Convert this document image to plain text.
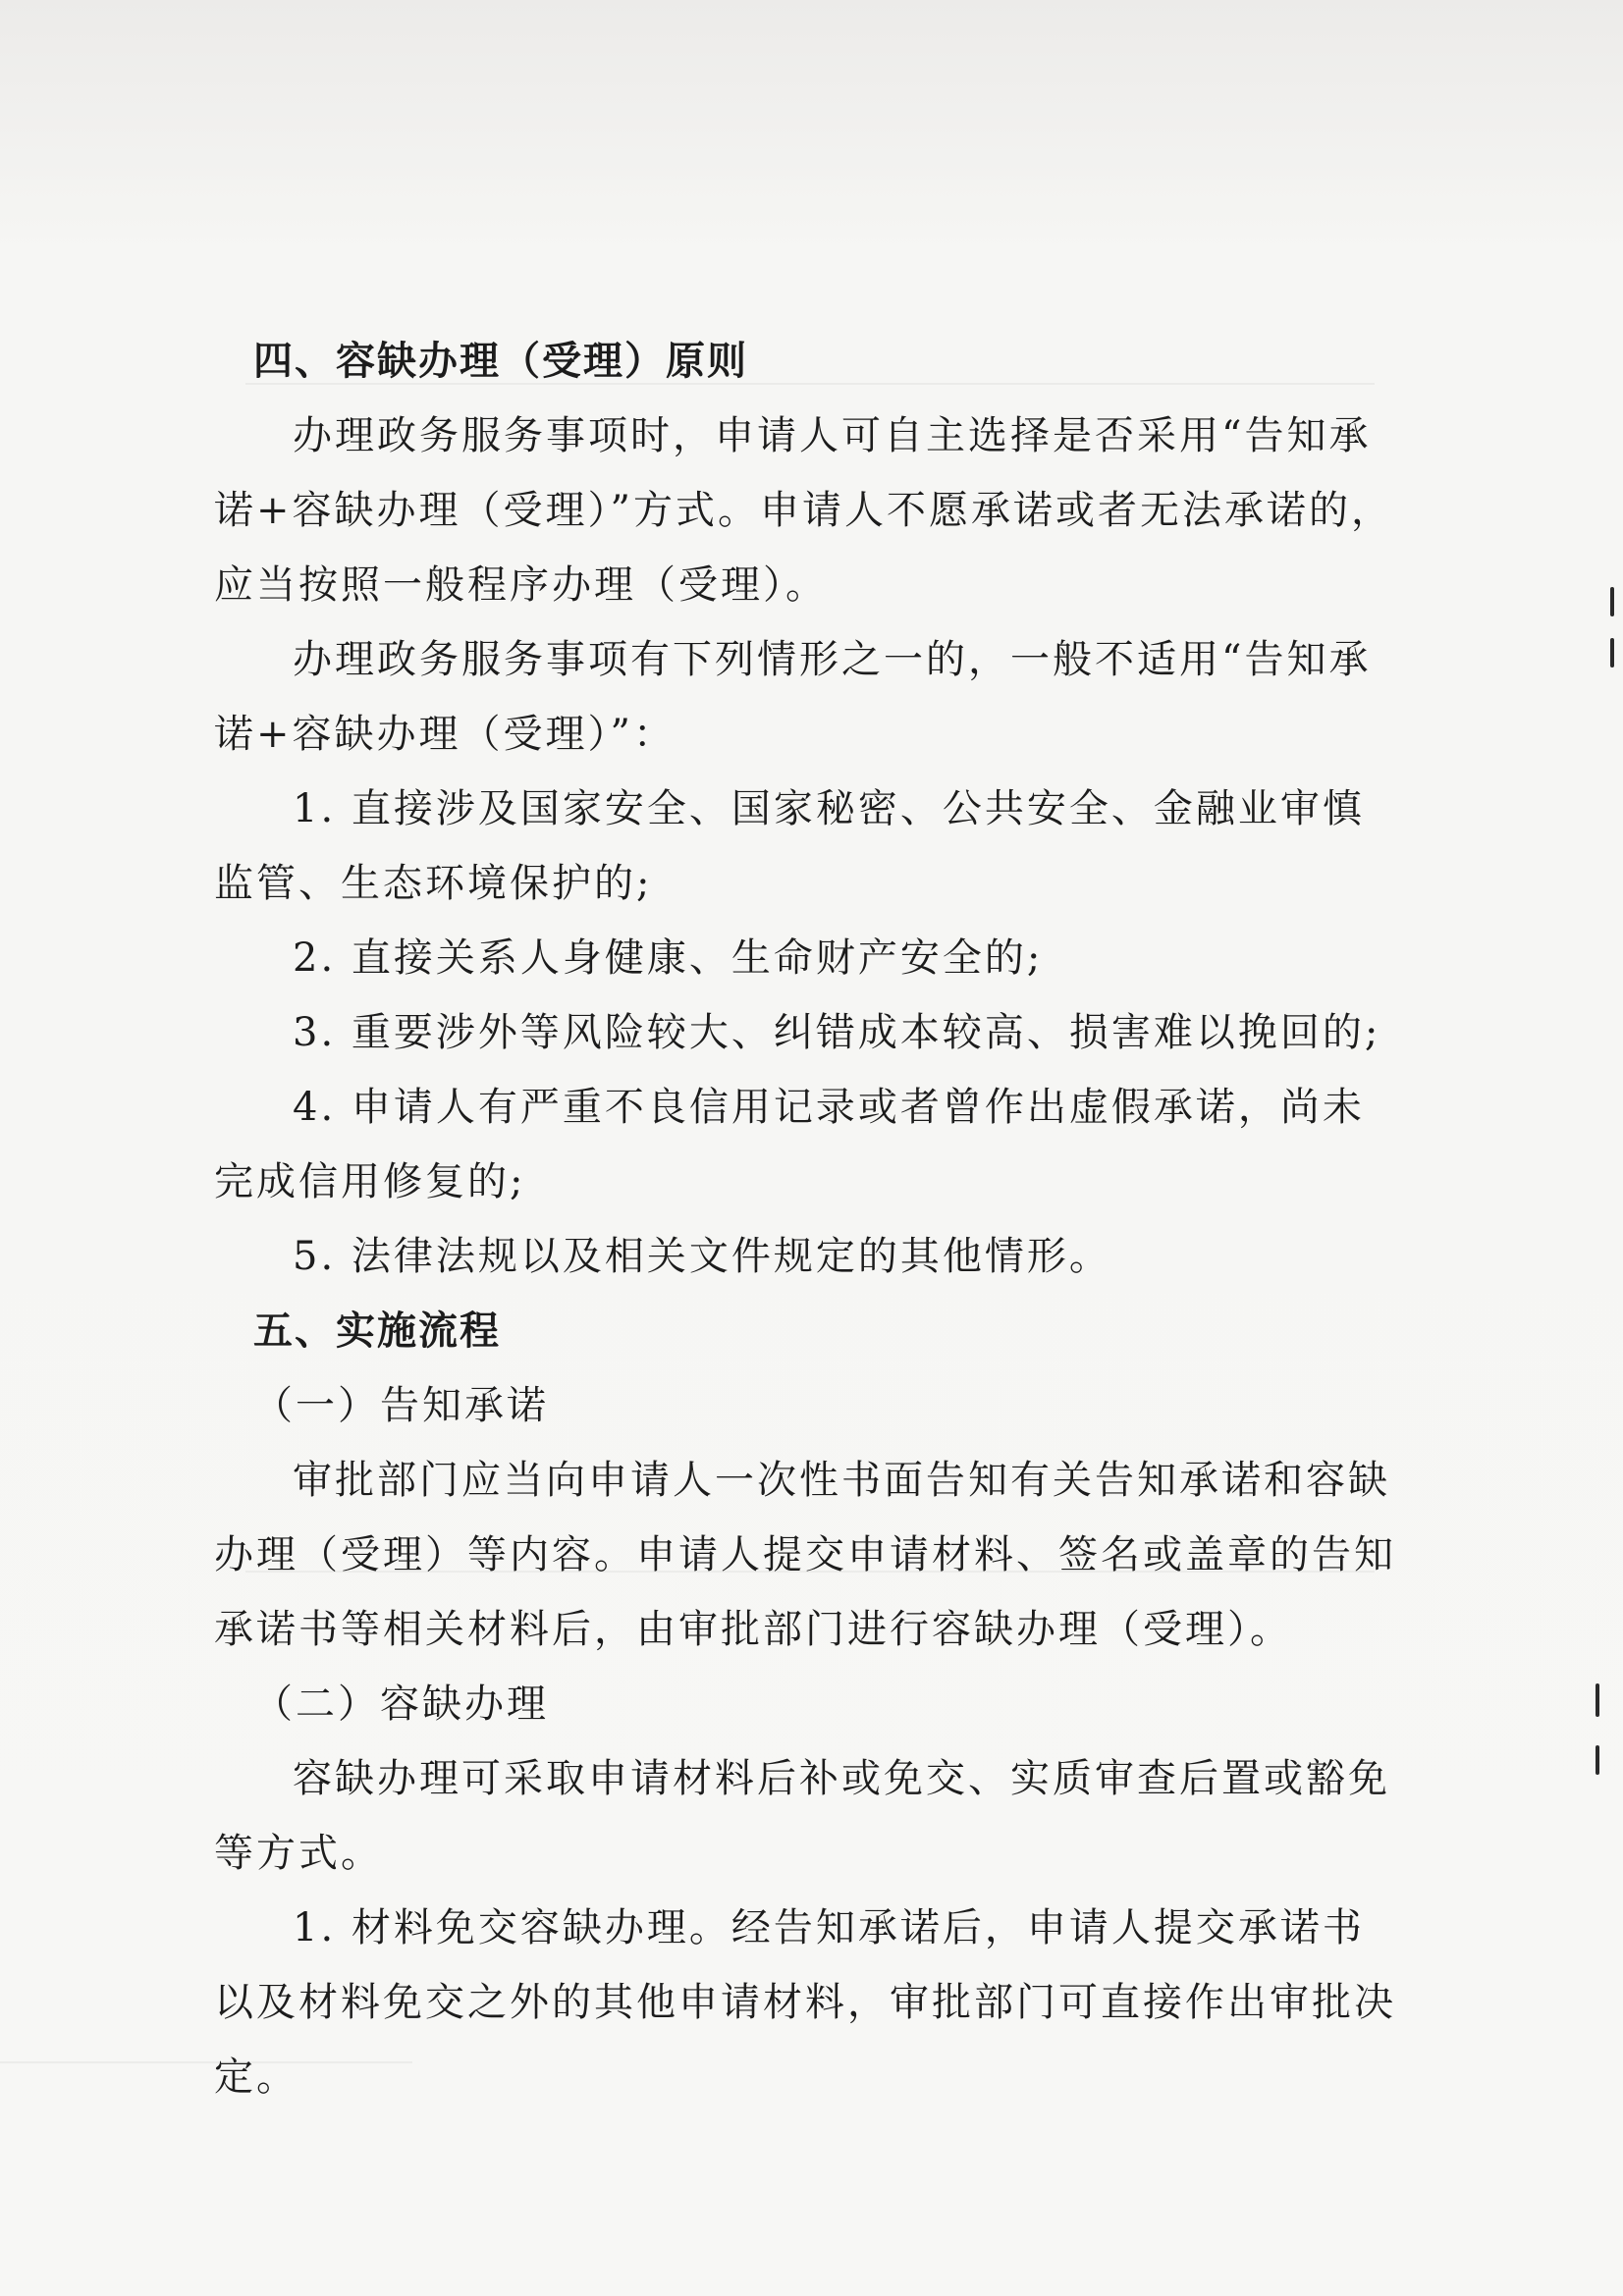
四、容缺办理（受理）原则

办理政务服务事项时，申请人可自主选择是否采用“告知承诺+容缺办理（受理）”方式。申请人不愿承诺或者无法承诺的，应当按照一般程序办理（受理）。

办理政务服务事项有下列情形之一的，一般不适用“告知承诺+容缺办理（受理）”：

1. 直接涉及国家安全、国家秘密、公共安全、金融业审慎监管、生态环境保护的;

2. 直接关系人身健康、生命财产安全的;

3. 重要涉外等风险较大、纠错成本较高、损害难以挽回的;

4. 申请人有严重不良信用记录或者曾作出虚假承诺，尚未完成信用修复的;

5. 法律法规以及相关文件规定的其他情形。

五、实施流程

（一）告知承诺

审批部门应当向申请人一次性书面告知有关告知承诺和容缺办理（受理）等内容。申请人提交申请材料、签名或盖章的告知承诺书等相关材料后，由审批部门进行容缺办理（受理）。

（二）容缺办理

容缺办理可采取申请材料后补或免交、实质审查后置或豁免等方式。

1. 材料免交容缺办理。经告知承诺后，申请人提交承诺书以及材料免交之外的其他申请材料，审批部门可直接作出审批决定。
